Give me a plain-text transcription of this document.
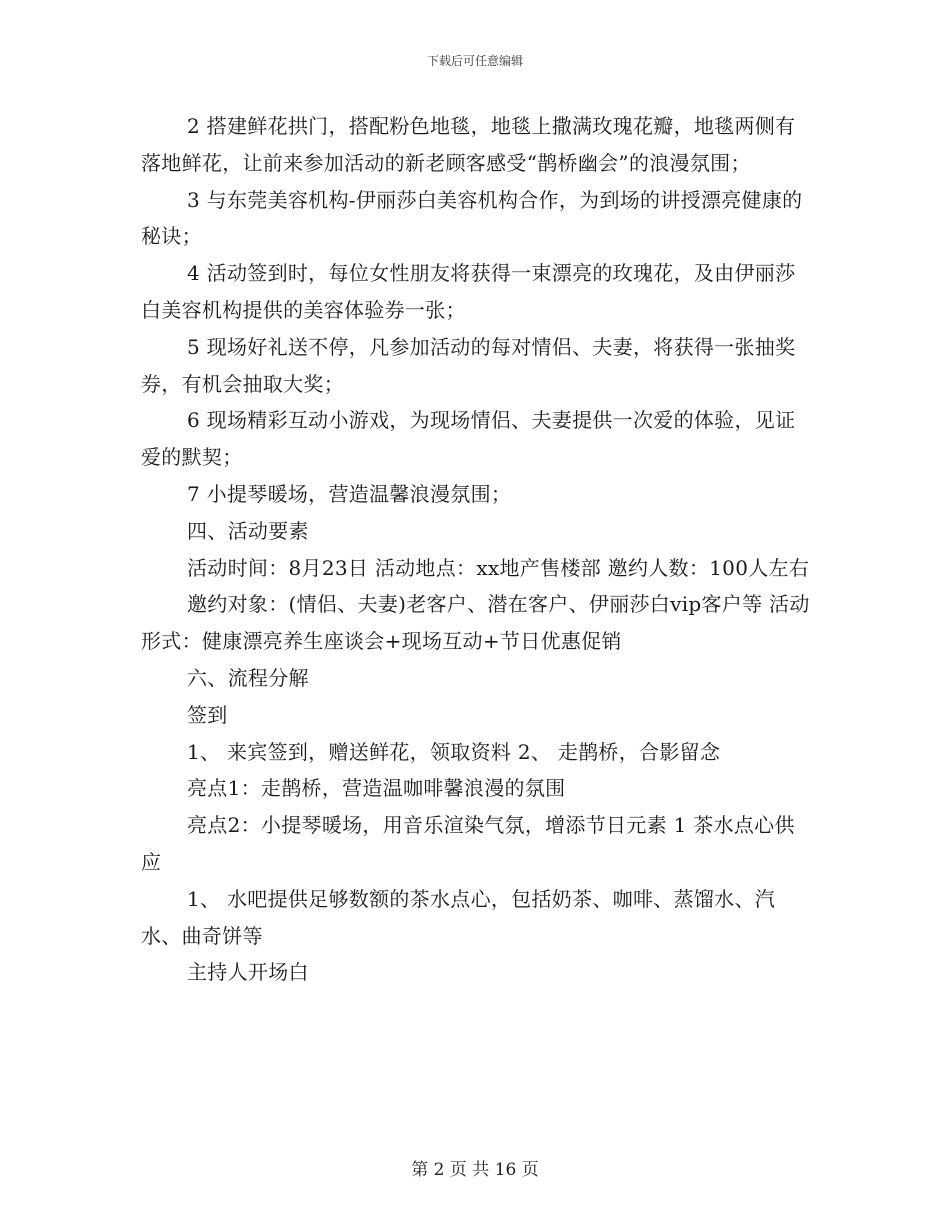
下载后可任意编辑

2 搭建鲜花拱门，搭配粉色地毯，地毯上撒满玫瑰花瓣，地毯两侧有落地鲜花，让前来参加活动的新老顾客感受“鹊桥幽会”的浪漫氛围；

3 与东莞美容机构-伊丽莎白美容机构合作，为到场的讲授漂亮健康的秘诀；

4 活动签到时，每位女性朋友将获得一束漂亮的玫瑰花，及由伊丽莎白美容机构提供的美容体验券一张；

5 现场好礼送不停，凡参加活动的每对情侣、夫妻，将获得一张抽奖券，有机会抽取大奖；

6 现场精彩互动小游戏，为现场情侣、夫妻提供一次爱的体验，见证爱的默契；

7 小提琴暖场，营造温馨浪漫氛围；

四、活动要素

活动时间：8月23日 活动地点：xx地产售楼部 邀约人数：100人左右

邀约对象：(情侣、夫妻)老客户、潜在客户、伊丽莎白vip客户等 活动形式：健康漂亮养生座谈会+现场互动+节日优惠促销

六、流程分解

签到

1、 来宾签到，赠送鲜花，领取资料 2、 走鹊桥，合影留念

亮点1：走鹊桥，营造温咖啡馨浪漫的氛围

亮点2：小提琴暖场，用音乐渲染气氛，增添节日元素 1 茶水点心供应

1、 水吧提供足够数额的茶水点心，包括奶茶、咖啡、蒸馏水、汽水、曲奇饼等

主持人开场白

第 2 页 共 16 页
